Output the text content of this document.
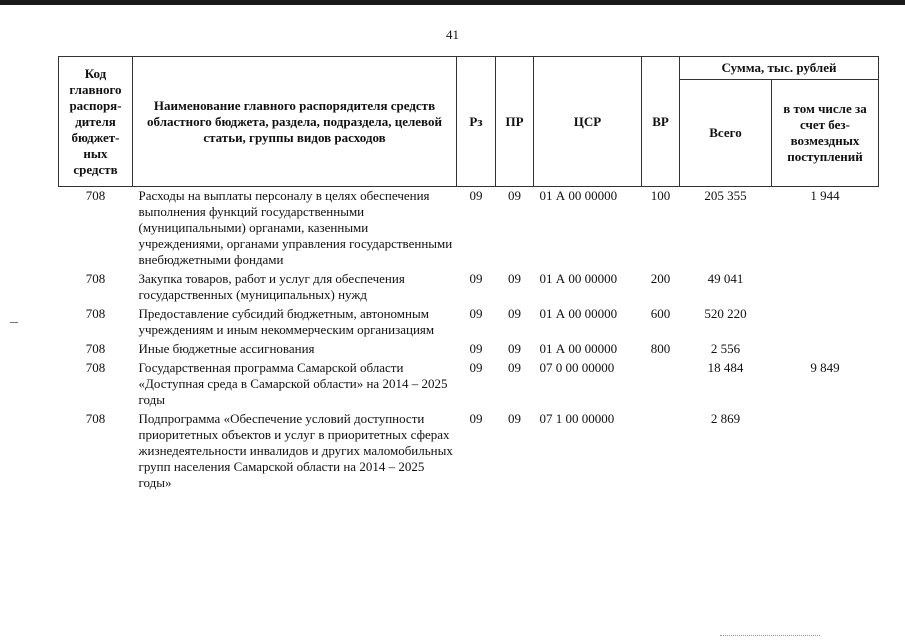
41
Код главного распоря-дителя бюджет-ных средств	Наименование главного распорядителя средств областного бюджета, раздела, подраздела, целевой статьи, группы видов расходов	Рз	ПР	ЦСР	ВР	Сумма, тыс. рублей	
						Всего	в том числе за счет без-возмездных поступлений
708	Расходы на выплаты персоналу в целях обеспечения выполнения функций государственными (муниципальными) органами, казенными учреждениями, органами управления государственными внебюджетными фондами	09	09	01 А 00 00000	100	205 355	1 944
708	Закупка товаров, работ и услуг для обеспечения государственных (муниципальных) нужд	09	09	01 А 00 00000	200	49 041	
708	Предоставление субсидий бюджетным, автономным учреждениям и иным некоммерческим организациям	09	09	01 А 00 00000	600	520 220	
708	Иные бюджетные ассигнования	09	09	01 А 00 00000	800	2 556	
708	Государственная программа Самарской области «Доступная среда в Самарской области» на 2014 – 2025 годы	09	09	07 0 00 00000		18 484	9 849
708	Подпрограмма «Обеспечение условий доступности приоритетных объектов и услуг в приоритетных сферах жизнедеятельности инвалидов и других маломобильных групп населения Самарской области на 2014 – 2025 годы»	09	09	07 1 00 00000		2 869	
